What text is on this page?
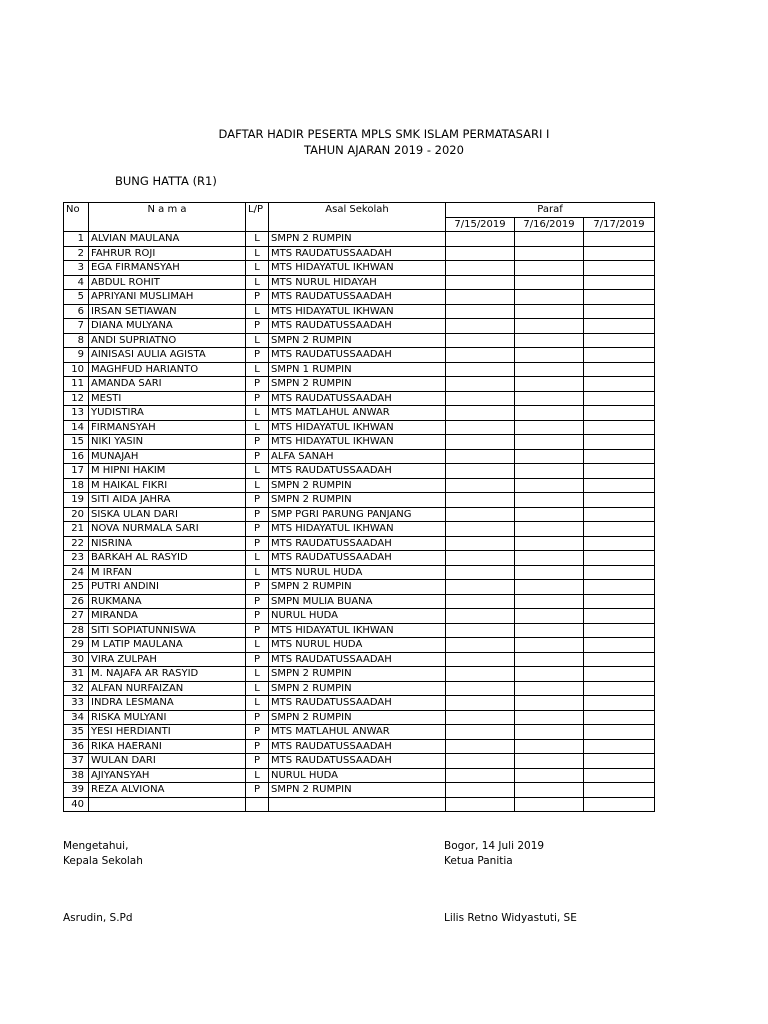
DAFTAR HADIR PESERTA MPLS SMK ISLAM PERMATASARI I
TAHUN AJARAN 2019 - 2020
BUNG HATTA (R1)
No	N a m a	L/P	Asal Sekolah	Paraf		
				7/15/2019	7/16/2019	7/17/2019
1	ALVIAN MAULANA	L	SMPN 2 RUMPIN			
2	FAHRUR ROJI	L	MTS RAUDATUSSAADAH			
3	EGA FIRMANSYAH	L	MTS HIDAYATUL IKHWAN			
4	ABDUL ROHIT	L	MTS NURUL HIDAYAH			
5	APRIYANI MUSLIMAH	P	MTS RAUDATUSSAADAH			
6	IRSAN SETIAWAN	L	MTS HIDAYATUL IKHWAN			
7	DIANA MULYANA	P	MTS RAUDATUSSAADAH			
8	ANDI SUPRIATNO	L	SMPN 2 RUMPIN			
9	AINISASI AULIA AGISTA	P	MTS RAUDATUSSAADAH			
10	MAGHFUD HARIANTO	L	SMPN 1 RUMPIN			
11	AMANDA SARI	P	SMPN 2 RUMPIN			
12	MESTI	P	MTS RAUDATUSSAADAH			
13	YUDISTIRA	L	MTS MATLAHUL ANWAR			
14	FIRMANSYAH	L	MTS HIDAYATUL IKHWAN			
15	NIKI YASIN	P	MTS HIDAYATUL IKHWAN			
16	MUNAJAH	P	ALFA SANAH			
17	M HIPNI HAKIM	L	MTS RAUDATUSSAADAH			
18	M HAIKAL FIKRI	L	SMPN 2 RUMPIN			
19	SITI AIDA JAHRA	P	SMPN 2 RUMPIN			
20	SISKA ULAN DARI	P	SMP PGRI PARUNG PANJANG			
21	NOVA NURMALA SARI	P	MTS HIDAYATUL IKHWAN			
22	NISRINA	P	MTS RAUDATUSSAADAH			
23	BARKAH AL RASYID	L	MTS RAUDATUSSAADAH			
24	M IRFAN	L	MTS NURUL HUDA			
25	PUTRI ANDINI	P	SMPN 2 RUMPIN			
26	RUKMANA	P	SMPN MULIA BUANA			
27	MIRANDA	P	NURUL HUDA			
28	SITI SOPIATUNNISWA	P	MTS HIDAYATUL IKHWAN			
29	M LATIP MAULANA	L	MTS NURUL HUDA			
30	VIRA ZULPAH	P	MTS RAUDATUSSAADAH			
31	M. NAJAFA AR RASYID	L	SMPN 2 RUMPIN			
32	ALFAN NURFAIZAN	L	SMPN 2 RUMPIN			
33	INDRA LESMANA	L	MTS RAUDATUSSAADAH			
34	RISKA MULYANI	P	SMPN 2 RUMPIN			
35	YESI HERDIANTI	P	MTS MATLAHUL ANWAR			
36	RIKA HAERANI	P	MTS RAUDATUSSAADAH			
37	WULAN DARI	P	MTS RAUDATUSSAADAH			
38	AJIYANSYAH	L	NURUL HUDA			
39	REZA ALVIONA	P	SMPN 2 RUMPIN			
40						
Mengetahui,
Kepala Sekolah
Asrudin, S.Pd
Bogor, 14 Juli 2019
Ketua Panitia
Lilis Retno Widyastuti, SE
